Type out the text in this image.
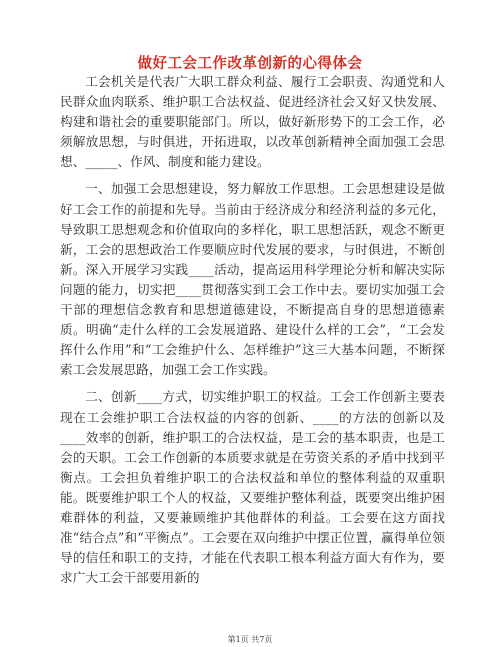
做好工会工作改革创新的心得体会

工会机关是代表广大职工群众利益、履行工会职责、沟通党和人民群众血肉联系、维护职工合法权益、促进经济社会又好又快发展、构建和谐社会的重要职能部门。所以，做好新形势下的工会工作，必须解放思想，与时俱进，开拓进取，以改革创新精神全面加强工会思想、_____、作风、制度和能力建设。

一、加强工会思想建设，努力解放工作思想。工会思想建设是做好工会工作的前提和先导。当前由于经济成分和经济利益的多元化，导致职工思想观念和价值取向的多样化，职工思想活跃，观念不断更新，工会的思想政治工作要顺应时代发展的要求，与时俱进，不断创新。深入开展学习实践____活动，提高运用科学理论分析和解决实际问题的能力，切实把____贯彻落实到工会工作中去。要切实加强工会干部的理想信念教育和思想道德建设，不断提高自身的思想道德素质。明确“走什么样的工会发展道路、建设什么样的工会”，“工会发挥什么作用”和“工会维护什么、怎样维护”这三大基本问题，不断探索工会发展思路，加强工会工作实践。

二、创新____方式，切实维护职工的权益。工会工作创新主要表现在工会维护职工合法权益的内容的创新、____的方法的创新以及____效率的创新，维护职工的合法权益，是工会的基本职责，也是工会的天职。工会工作创新的本质要求就是在劳资关系的矛盾中找到平衡点。工会担负着维护职工的合法权益和单位的整体利益的双重职能。既要维护职工个人的权益，又要维护整体利益，既要突出维护困难群体的利益，又要兼顾维护其他群体的利益。工会要在这方面找准“结合点”和“平衡点”。工会要在双向维护中摆正位置，赢得单位领导的信任和职工的支持，才能在代表职工根本利益方面大有作为，要求广大工会干部要用新的

第1页 共7页
